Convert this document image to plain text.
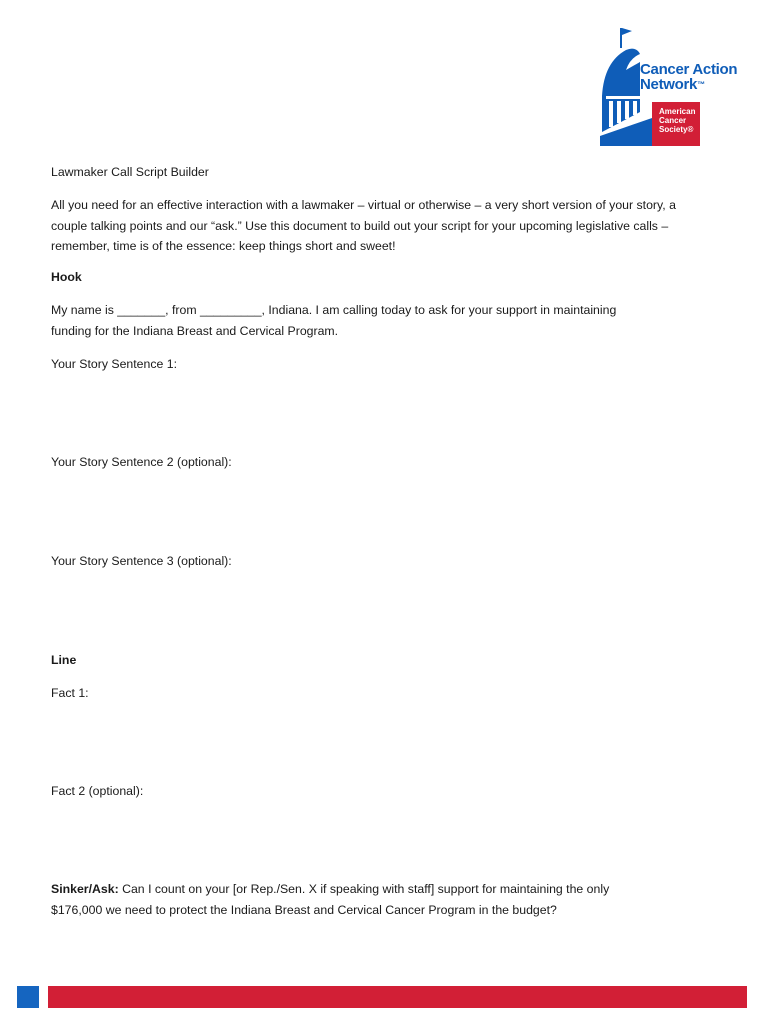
Cancer Action
Network™
American
Cancer
Society®

Lawmaker Call Script Builder

All you need for an effective interaction with a lawmaker – virtual or otherwise – a very short version of your story, a couple talking points and our “ask.” Use this document to build out your script for your upcoming legislative calls – remember, time is of the essence: keep things short and sweet!

Hook

My name is _______, from _________, Indiana. I am calling today to ask for your support in maintaining funding for the Indiana Breast and Cervical Program.

Your Story Sentence 1:

Your Story Sentence 2 (optional):

Your Story Sentence 3 (optional):

Line

Fact 1:

Fact 2 (optional):

Sinker/Ask: Can I count on your [or Rep./Sen. X if speaking with staff] support for maintaining the only $176,000 we need to protect the Indiana Breast and Cervical Cancer Program in the budget?
